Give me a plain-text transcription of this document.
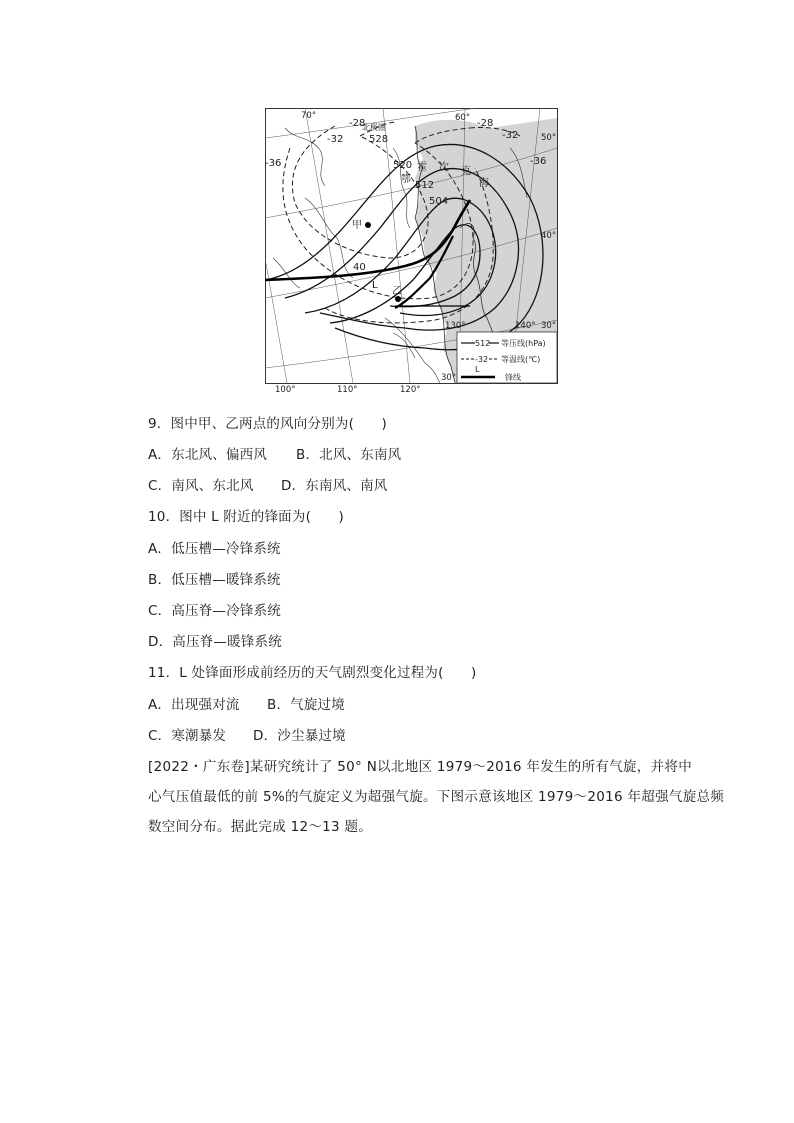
北极圈
甲
乙
L
霍
鄂
次 克
海
528
520
512
504
-28
-32
-36
40
-28
-32
-36
70°	60°
50°
40°
30°
130°	140°
30°
100°	110°	120°
512 等压线(hPa)
-32 等温线(℃)
L
锋线
9．图中甲、乙两点的风向分别为(　　)
A．东北风、偏西风 B．北风、东南风
C．南风、东北风 D．东南风、南风
10．图中 L 附近的锋面为(　　)
A．低压槽—冷锋系统
B．低压槽—暖锋系统
C．高压脊—冷锋系统
D．高压脊—暖锋系统
11．L 处锋面形成前经历的天气剧烈变化过程为(　　)
A．出现强对流 B．气旋过境
C．寒潮暴发 D．沙尘暴过境

[2022・广东卷]某研究统计了 50° N以北地区 1979～2016 年发生的所有气旋，并将中

心气压值最低的前 5%的气旋定义为超强气旋。下图示意该地区 1979～2016 年超强气旋总频

数空间分布。据此完成 12～13 题。
